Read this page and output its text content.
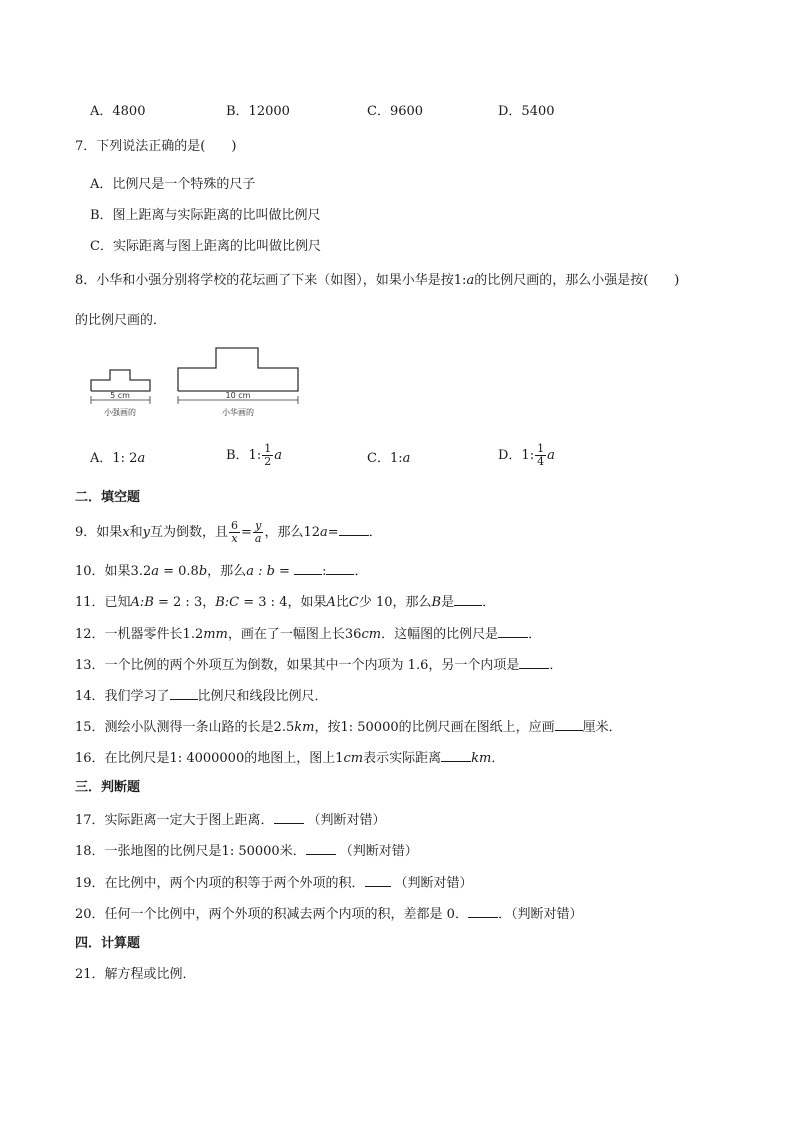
A．4800	B．12000	C．9600	D．5400
7．下列说法正确的是(　　)
A．比例尺是一个特殊的尺子
B．图上距离与实际距离的比叫做比例尺
C．实际距离与图上距离的比叫做比例尺
8．小华和小强分别将学校的花坛画了下来（如图），如果小华是按1:a的比例尺画的，那么小强是按(　　)
的比例尺画的．
5 cm
小强画的
10 cm
小华画的
A．1: 2a	B．1: $\frac{1}{2}$ a	C．1:a	D．1: $\frac{1}{4}$ a
二．填空题
9．如果x和y互为倒数，且 $\frac{6}{x} = \frac{y}{a}$ ，那么12a= ．
10．如果3.2a = 0.8b，那么a : b = : ．
11．已知A:B = 2 : 3，B:C = 3 : 4，如果A比C少 10，那么B是 ．
12．一机器零件长1.2mm，画在了一幅图上长36cm．这幅图的比例尺是 ．
13．一个比例的两个外项互为倒数，如果其中一个内项为 1.6，另一个内项是 ．
14．我们学习了 比例尺和线段比例尺．
15．测绘小队测得一条山路的长是2.5km，按1: 50000的比例尺画在图纸上，应画 厘米．
16．在比例尺是1: 4000000的地图上，图上1cm表示实际距离 km．
三．判断题
17．实际距离一定大于图上距离．	（判断对错）
18．一张地图的比例尺是1: 50000米．	（判断对错）
19．在比例中，两个内项的积等于两个外项的积． （判断对错）
20．任何一个比例中，两个外项的积减去两个内项的积，差都是 0． ．（判断对错）
四．计算题
21．解方程或比例．
